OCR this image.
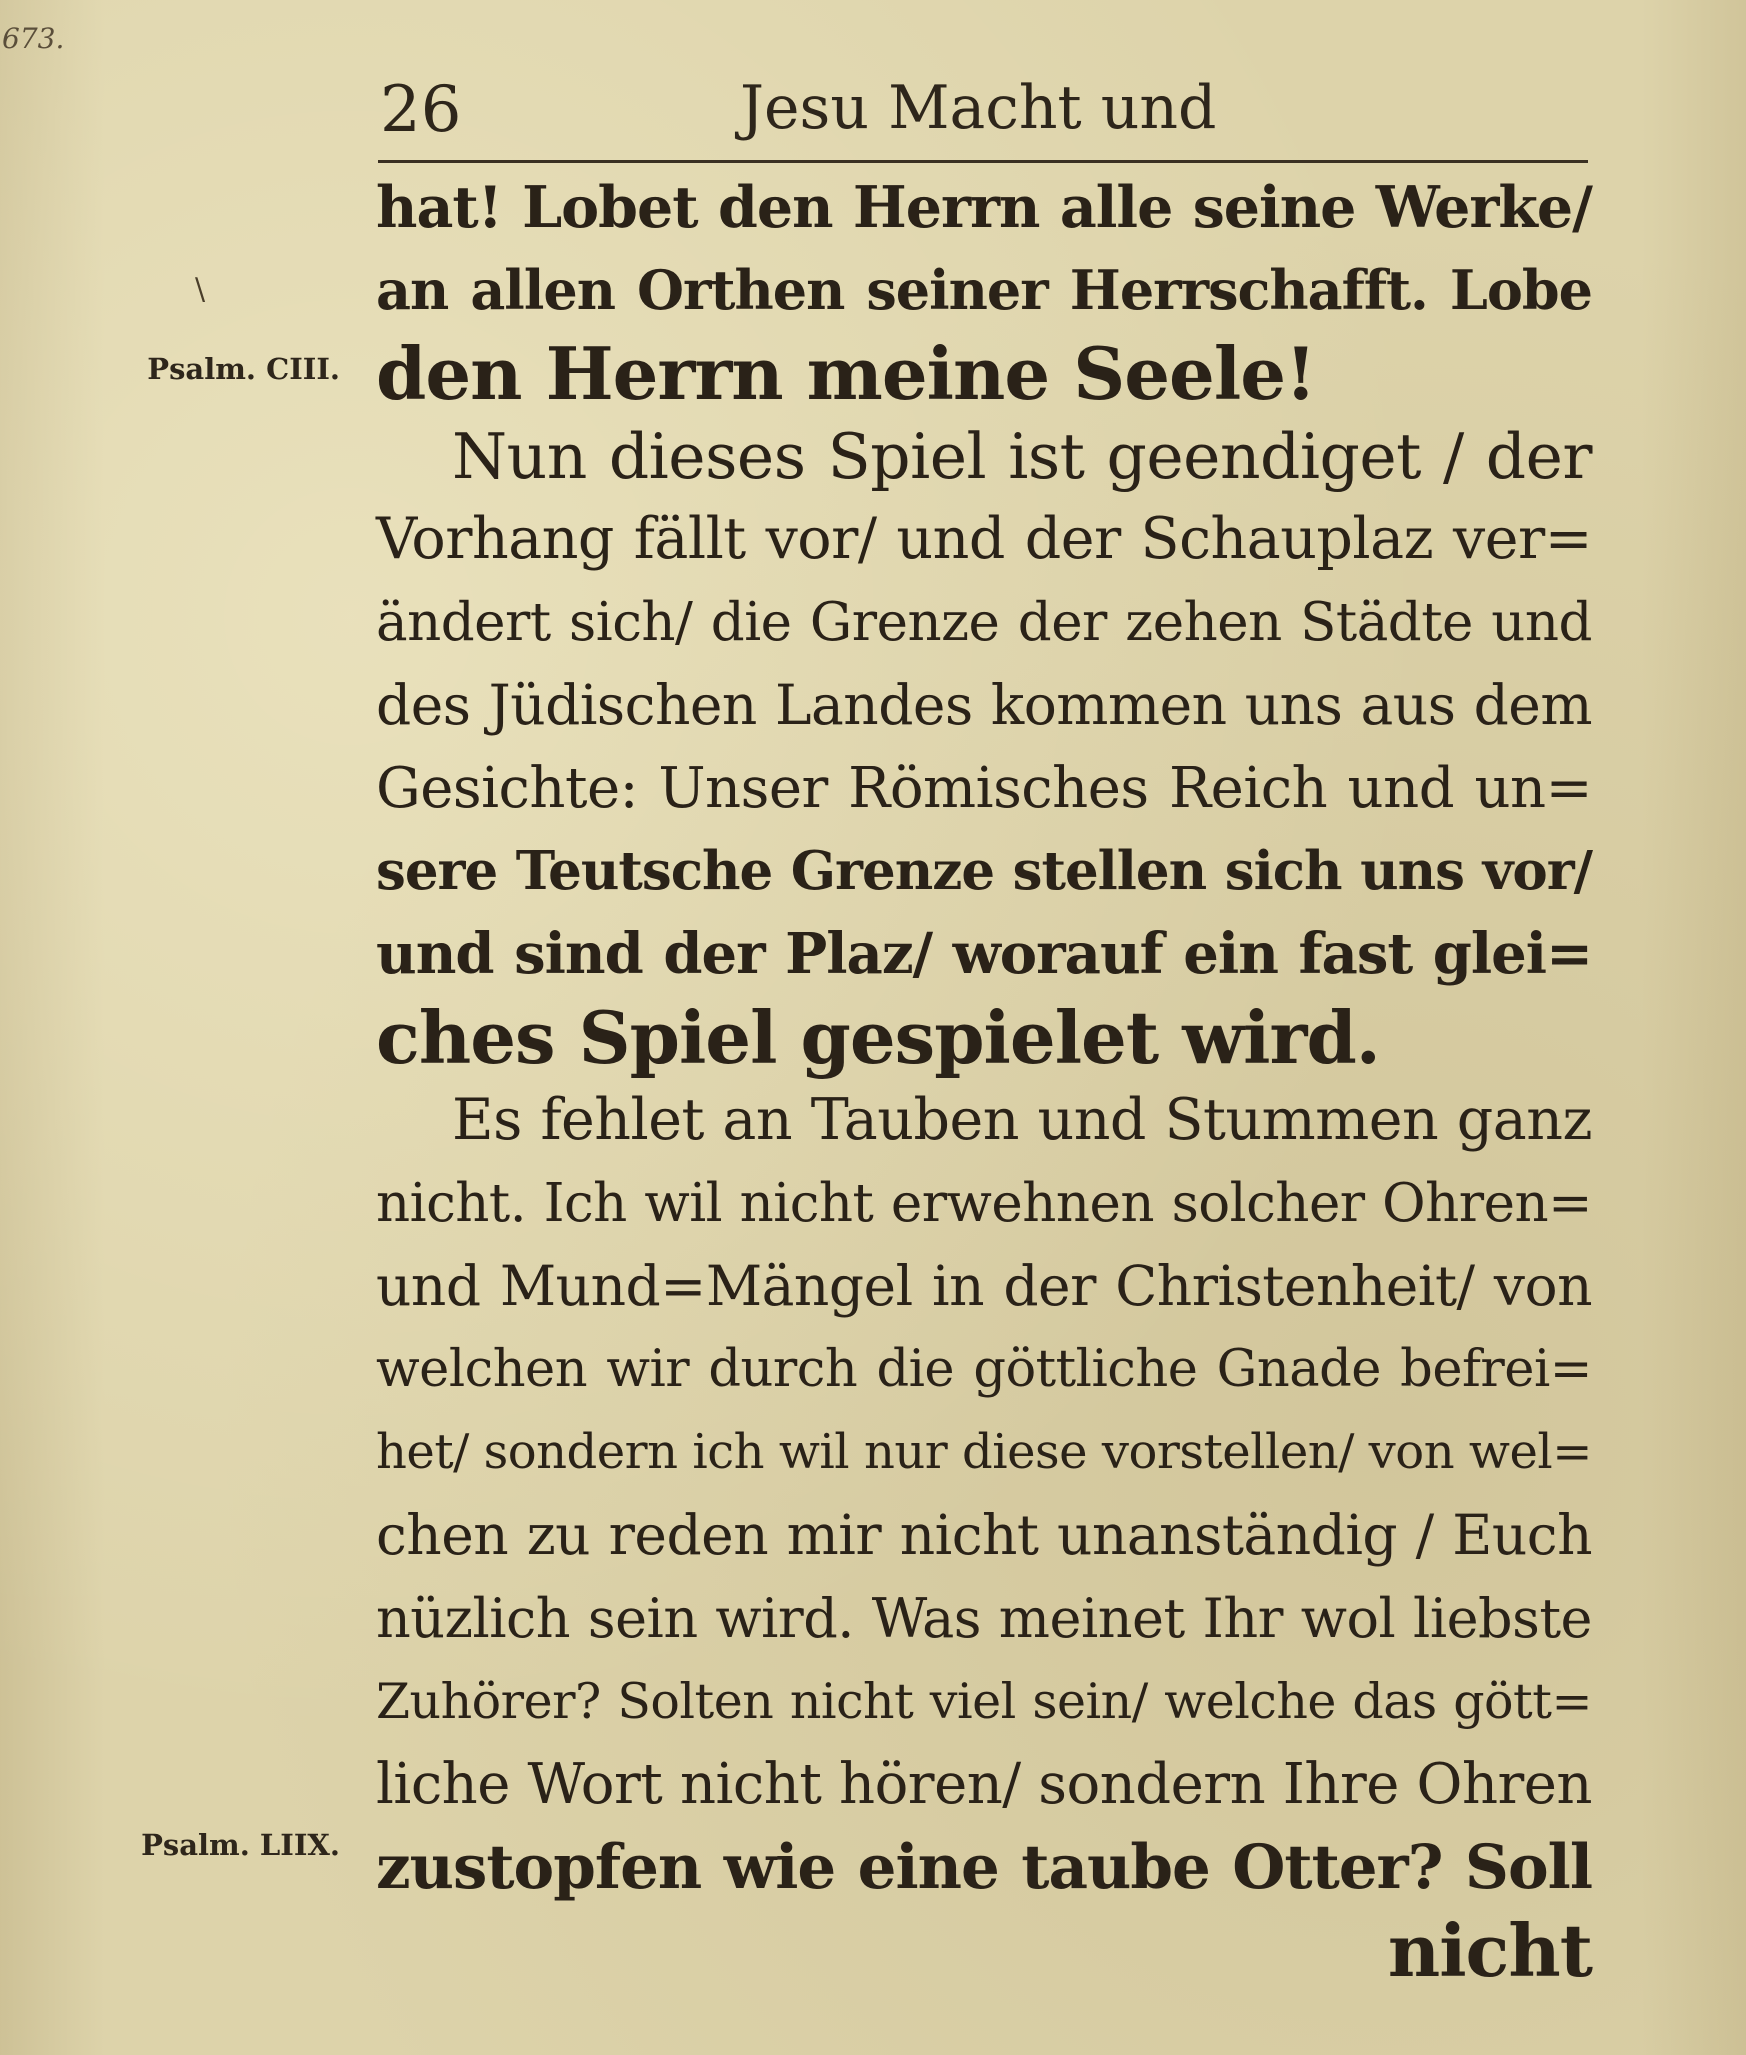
673.
26	Jesu Macht und
\
Psalm. CIII.
Psalm. LIIX.
hat! Lobet den Herrn alle seine Werke/
an allen Orthen seiner Herrschafft. Lobe
den Herrn meine Seele!
Nun dieses Spiel ist geendiget / der
Vorhang fällt vor/ und der Schauplaz ver=
ändert sich/ die Grenze der zehen Städte und
des Jüdischen Landes kommen uns aus dem
Gesichte: Unser Römisches Reich und un=
sere Teutsche Grenze stellen sich uns vor/
und sind der Plaz/ worauf ein fast glei=
ches Spiel gespielet wird.
Es fehlet an Tauben und Stummen ganz
nicht. Ich wil nicht erwehnen solcher Ohren=
und Mund=Mängel in der Christenheit/ von
welchen wir durch die göttliche Gnade befrei=
het/ sondern ich wil nur diese vorstellen/ von wel=
chen zu reden mir nicht unanständig / Euch
nüzlich sein wird. Was meinet Ihr wol liebste
Zuhörer? Solten nicht viel sein/ welche das gött=
liche Wort nicht hören/ sondern Ihre Ohren
zustopfen wie eine taube Otter? Soll
nicht
